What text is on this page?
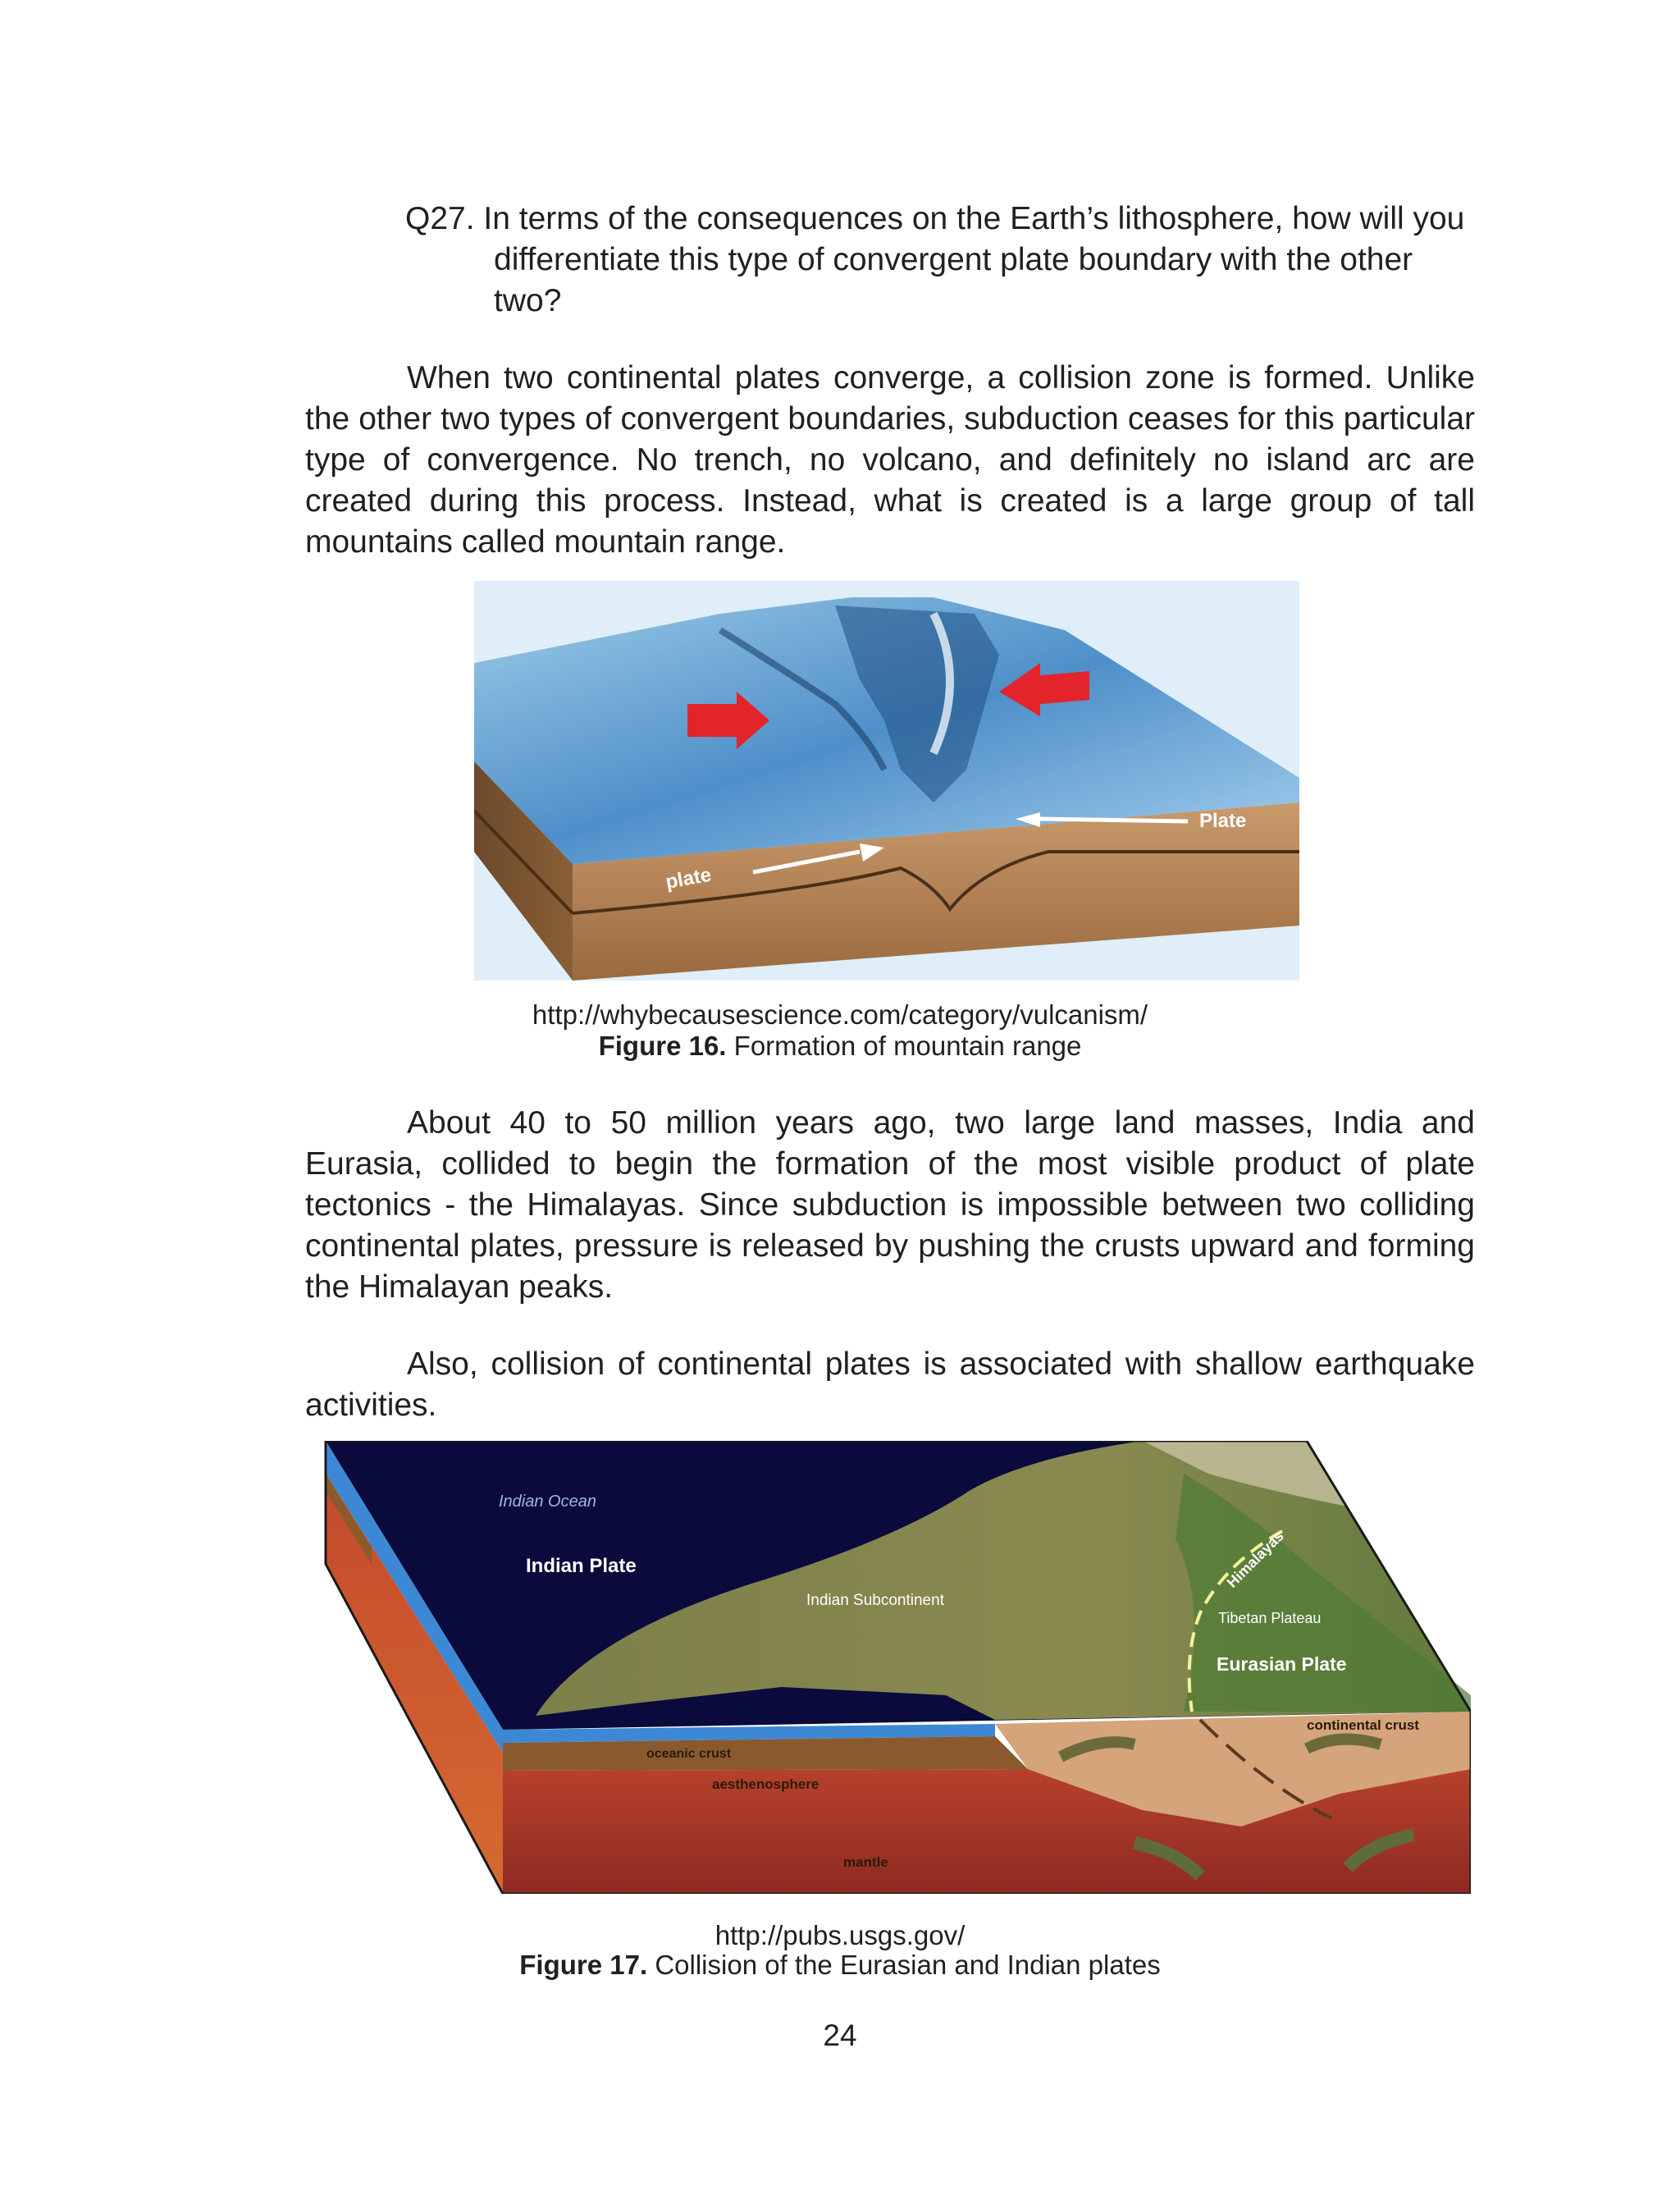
Q27. In terms of the consequences on the Earth’s lithosphere, how will you differentiate this type of convergent plate boundary with the other two?

When two continental plates converge, a collision zone is formed. Unlike the other two types of convergent boundaries, subduction ceases for this particular type of convergence. No trench, no volcano, and definitely no island arc are created during this process. Instead, what is created is a large group of tall mountains called mountain range.

plate
Plate
http://whybecausescience.com/category/vulcanism/
Figure 16. Formation of mountain range

About 40 to 50 million years ago, two large land masses, India and Eurasia, collided to begin the formation of the most visible product of plate tectonics - the Himalayas. Since subduction is impossible between two colliding continental plates, pressure is released by pushing the crusts upward and forming the Himalayan peaks.

Also, collision of continental plates is associated with shallow earthquake activities.

Indian Ocean
Indian Plate
Indian Subcontinent
Himalayas
Tibetan Plateau
Eurasian Plate
continental crust
oceanic crust
aesthenosphere
mantle
http://pubs.usgs.gov/
Figure 17. Collision of the Eurasian and Indian plates
24
